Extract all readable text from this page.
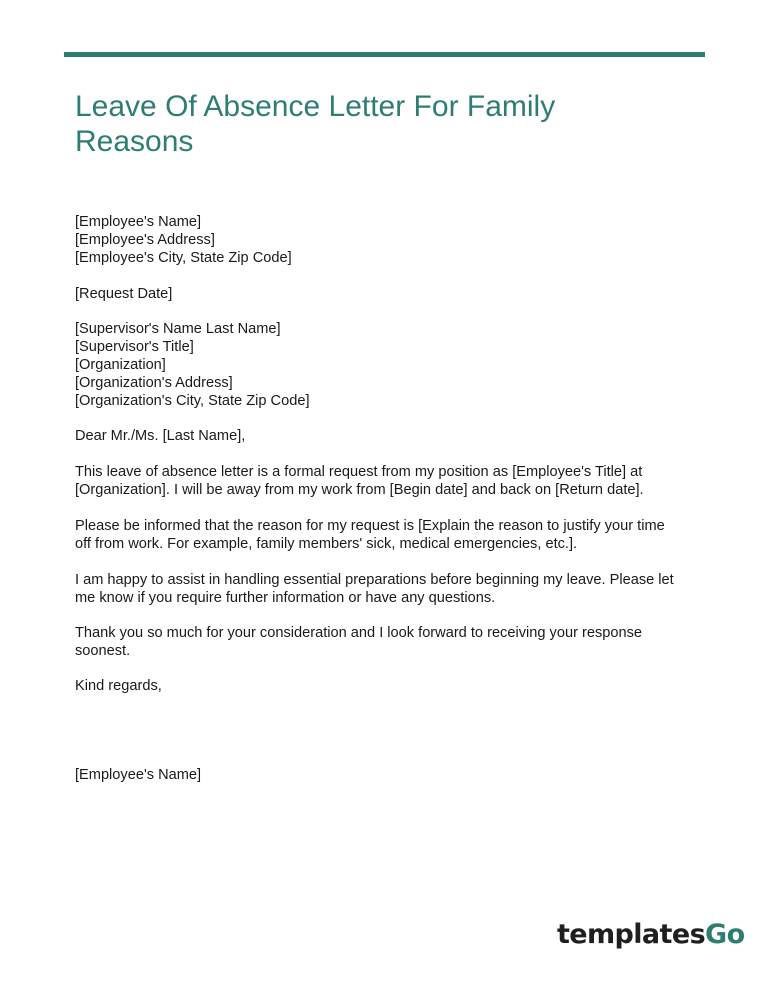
Leave Of Absence Letter For Family Reasons
[Employee's Name]
[Employee's Address]
[Employee's City, State Zip Code]
[Request Date]
[Supervisor's Name Last Name]
[Supervisor's Title]
[Organization]
[Organization's Address]
[Organization's City, State Zip Code]
Dear Mr./Ms. [Last Name],
This leave of absence letter is a formal request from my position as [Employee's Title] at
[Organization]. I will be away from my work from [Begin date] and back on [Return date].
Please be informed that the reason for my request is [Explain the reason to justify your time
off from work. For example, family members' sick, medical emergencies, etc.].
I am happy to assist in handling essential preparations before beginning my leave. Please let
me know if you require further information or have any questions.
Thank you so much for your consideration and I look forward to receiving your response
soonest.
Kind regards,
[Employee's Name]
templatesGo
